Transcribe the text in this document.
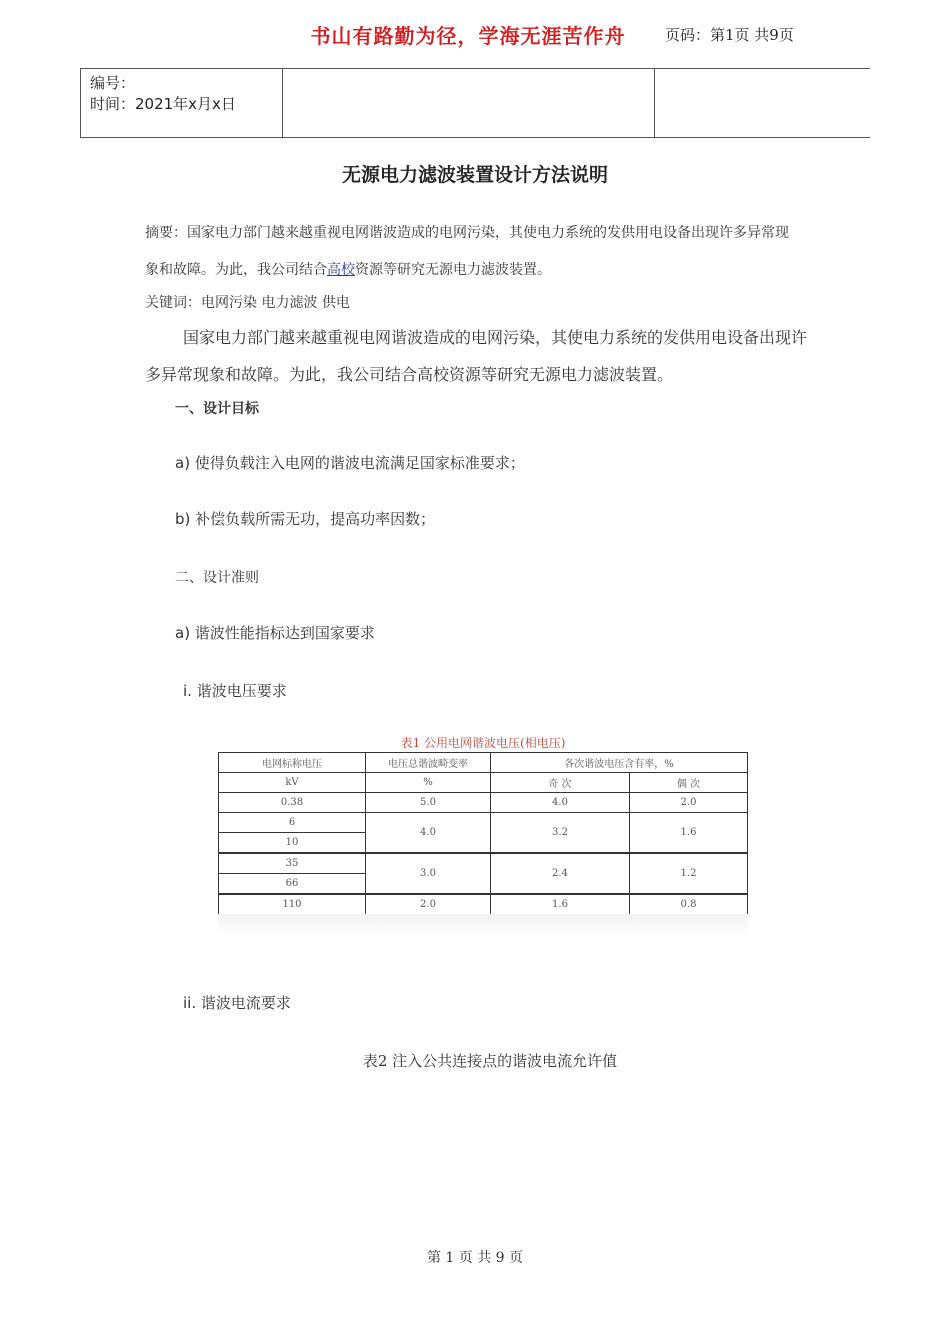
编号：
时间：2021年x月x日
书山有路勤为径，学海无涯苦作舟	页码：第1页 共9页
无源电力滤波装置设计方法说明
摘要：国家电力部门越来越重视电网谐波造成的电网污染，其使电力系统的发供用电设备出现许多异常现
象和故障。为此，我公司结合高校资源等研究无源电力滤波装置。
关键词：电网污染 电力滤波 供电
国家电力部门越来越重视电网谐波造成的电网污染，其使电力系统的发供用电设备出现许
多异常现象和故障。为此，我公司结合高校资源等研究无源电力滤波装置。
一、设计目标
a) 使得负载注入电网的谐波电流满足国家标准要求；
b) 补偿负载所需无功，提高功率因数；
二、设计准则
a) 谐波性能指标达到国家要求
i. 谐波电压要求
表1 公用电网谐波电压(相电压)
电网标称电压	电压总谐波畸变率	各次谐波电压含有率，%	
kV	%	奇 次	偶 次
0.38	5.0	4.0	2.0
6	4.0	3.2	1.6
10			
35	3.0	2.4	1.2
66			
110	2.0	1.6	0.8
ii. 谐波电流要求
表2 注入公共连接点的谐波电流允许值
第 1 页 共 9 页
